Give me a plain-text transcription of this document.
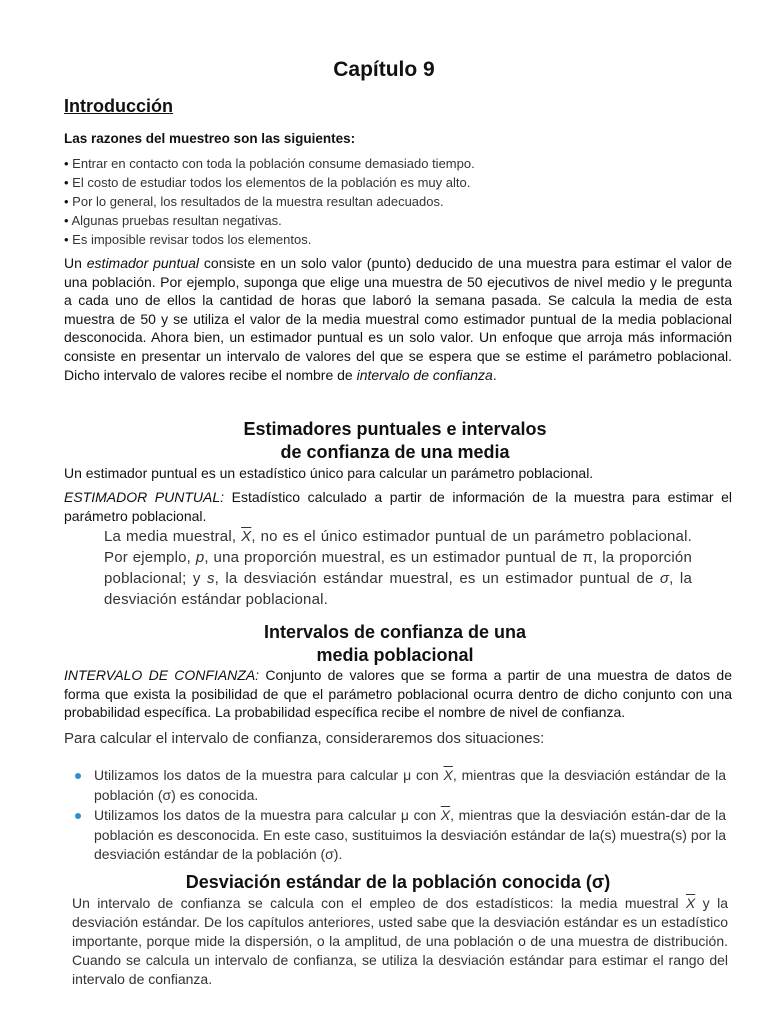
Capítulo 9
Introducción
Las razones del muestreo son las siguientes:
• Entrar en contacto con toda la población consume demasiado tiempo.
• El costo de estudiar todos los elementos de la población es muy alto.
• Por lo general, los resultados de la muestra resultan adecuados.
• Algunas pruebas resultan negativas.
• Es imposible revisar todos los elementos.

Un estimador puntual consiste en un solo valor (punto) deducido de una muestra para estimar el valor de una población. Por ejemplo, suponga que elige una muestra de 50 ejecutivos de nivel medio y le pregunta a cada uno de ellos la cantidad de horas que laboró la semana pasada. Se calcula la media de esta muestra de 50 y se utiliza el valor de la media muestral como estimador puntual de la media poblacional desconocida. Ahora bien, un estimador puntual es un solo valor. Un enfoque que arroja más información consiste en presentar un intervalo de valores del que se espera que se estime el parámetro poblacional. Dicho intervalo de valores recibe el nombre de intervalo de confianza.

Estimadores puntuales e intervalos
de confianza de una media

Un estimador puntual es un estadístico único para calcular un parámetro poblacional.

ESTIMADOR PUNTUAL: Estadístico calculado a partir de información de la muestra para estimar el parámetro poblacional.

La media muestral, $\overline{X}$, no es el único estimador puntual de un parámetro poblacional. Por ejemplo, p, una proporción muestral, es un estimador puntual de π, la proporción poblacional; y s, la desviación estándar muestral, es un estimador puntual de σ, la desviación estándar poblacional.

Intervalos de confianza de una
media poblacional

INTERVALO DE CONFIANZA: Conjunto de valores que se forma a partir de una muestra de datos de forma que exista la posibilidad de que el parámetro poblacional ocurra dentro de dicho conjunto con una probabilidad específica. La probabilidad específica recibe el nombre de nivel de confianza.

Para calcular el intervalo de confianza, consideraremos dos situaciones:

Utilizamos los datos de la muestra para calcular μ con $\overline{X}$, mientras que la desviación estándar de la población (σ) es conocida.
Utilizamos los datos de la muestra para calcular μ con $\overline{X}$, mientras que la desviación están-dar de la población es desconocida. En este caso, sustituimos la desviación estándar de la(s) muestra(s) por la desviación estándar de la población (σ).
Desviación estándar de la población conocida (σ)

Un intervalo de confianza se calcula con el empleo de dos estadísticos: la media muestral $\overline{X}$ y la desviación estándar. De los capítulos anteriores, usted sabe que la desviación estándar es un estadístico importante, porque mide la dispersión, o la amplitud, de una población o de una muestra de distribución. Cuando se calcula un intervalo de confianza, se utiliza la desviación estándar para estimar el rango del intervalo de confianza.
